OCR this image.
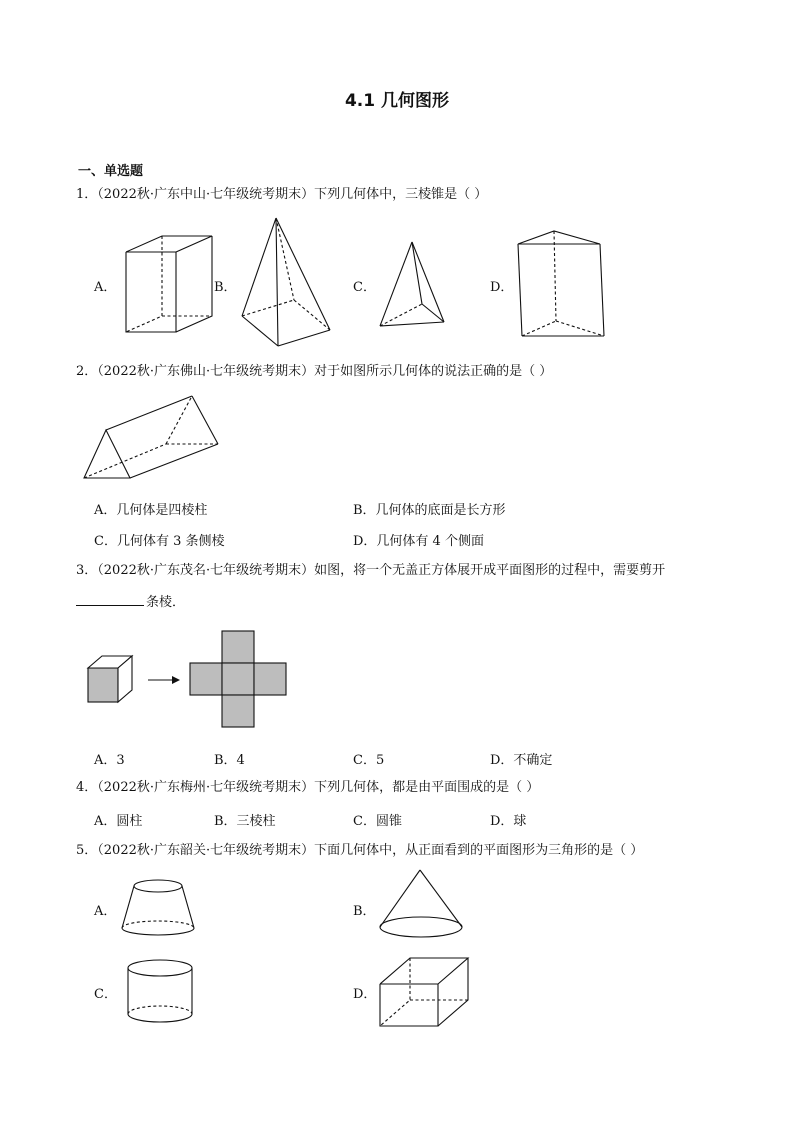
4.1 几何图形
一、单选题
1．（2022秋·广东中山·七年级统考期末）下列几何体中，三棱锥是（ ）
A．	B．	C．	D．
2．（2022秋·广东佛山·七年级统考期末）对于如图所示几何体的说法正确的是（ ）
A．几何体是四棱柱	B．几何体的底面是长方形
C．几何体有 3 条侧棱	D．几何体有 4 个侧面
3．（2022秋·广东茂名·七年级统考期末）如图，将一个无盖正方体展开成平面图形的过程中，需要剪开
条棱．
A．3	B．4	C．5	D．不确定
4．（2022秋·广东梅州·七年级统考期末）下列几何体，都是由平面围成的是（ ）
A．圆柱	B．三棱柱	C．圆锥	D．球
5．（2022秋·广东韶关·七年级统考期末）下面几何体中，从正面看到的平面图形为三角形的是（ ）
A．	B．
C．	D．
